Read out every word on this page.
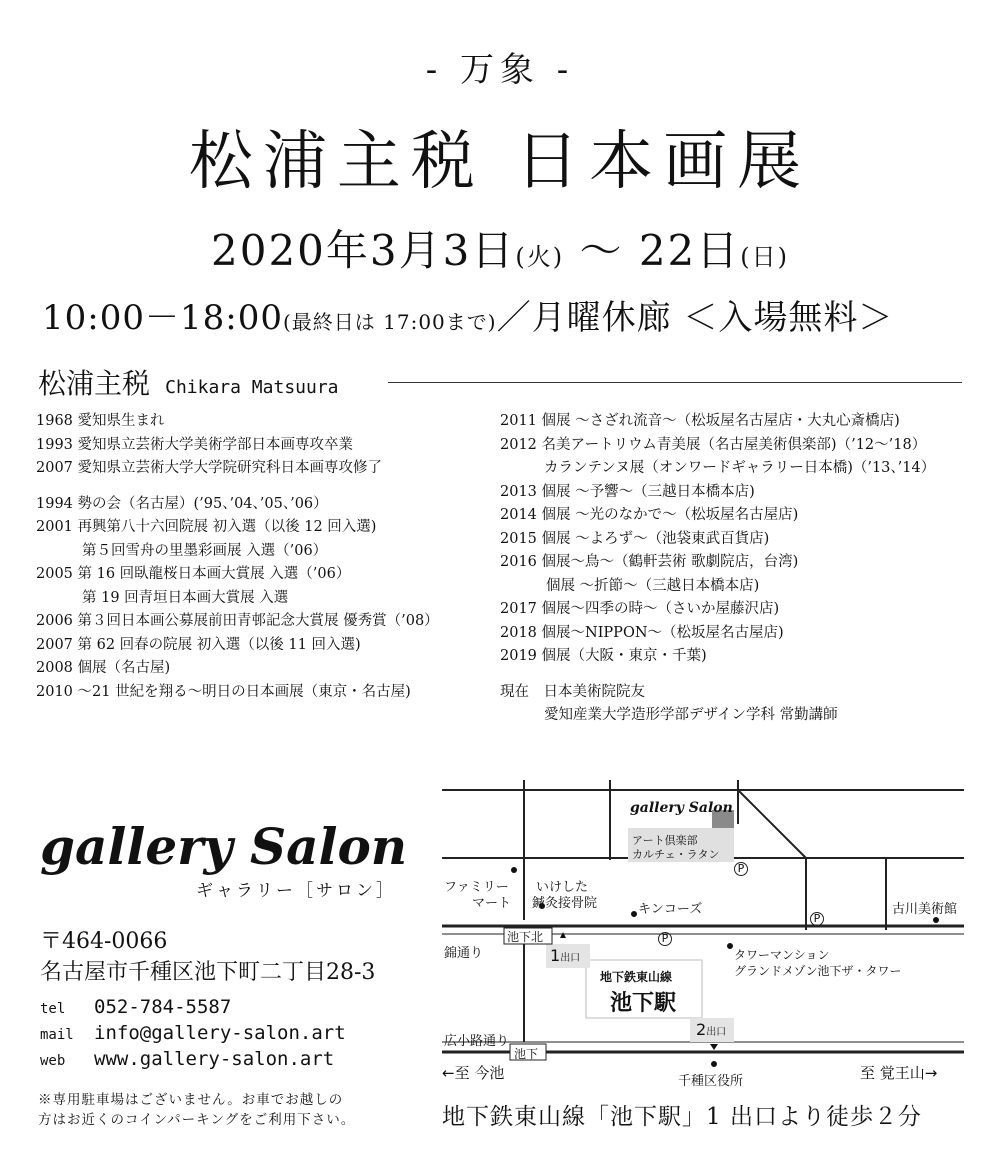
- 万象 -
松浦主税 日本画展
2020年3月3日(火) ～ 22日(日)
10:00－18:00(最終日は 17:00まで)／月曜休廊 ＜入場無料＞
松浦主税 Chikara Matsuura
1968 愛知県生まれ
1993 愛知県立芸術大学美術学部日本画専攻卒業
2007 愛知県立芸術大学大学院研究科日本画専攻修了
1994 勢の会（名古屋）(’95、’04、’05、’06）
2001 再興第八十六回院展 初入選（以後 12 回入選)
第５回雪舟の里墨彩画展 入選（’06）
2005 第 16 回臥龍桜日本画大賞展 入選（’06）
第 19 回青垣日本画大賞展 入選
2006 第３回日本画公募展前田青邨記念大賞展 優秀賞（’08）
2007 第 62 回春の院展 初入選（以後 11 回入選)
2008 個展（名古屋)
2010 ～21 世紀を翔る～明日の日本画展（東京・名古屋)
2011 個展 ～さざれ流音～（松坂屋名古屋店・大丸心斎橋店)
2012 名美アートリウム青美展（名古屋美術倶楽部)（’12～’18）
カランテンヌ展（オンワードギャラリー日本橋)（’13、’14）
2013 個展 ～予響～（三越日本橋本店)
2014 個展 ～光のなかで～（松坂屋名古屋店)
2015 個展 ～よろず～（池袋東武百貨店)
2016 個展～鳥～（鶴軒芸術 歌劇院店，台湾)
個展 ～折節～（三越日本橋本店)
2017 個展～四季の時～（さいか屋藤沢店)
2018 個展～NIPPON～（松坂屋名古屋店)
2019 個展（大阪・東京・千葉)
現在　日本美術院院友
愛知産業大学造形学部デザイン学科 常勤講師
gallery Salon
ギャラリー［サロン］
〒464-0066
名古屋市千種区池下町二丁目28-3
tel 052-784-5587
mail info@gallery-salon.art
web www.gallery-salon.art
※専用駐車場はございません。お車でお越しの
方はお近くのコインパーキングをご利用下さい。
P
P
P
gallery Salon
アート倶楽部
カルチェ・ラタン
ファミリー
マート
いけした
鍼灸接骨院	キンコーズ	古川美術館
錦通り
池下北
1出口	タワーマンション
グランドメゾン池下ザ・タワー
地下鉄東山線
池下駅
2出口
広小路通り
池下
←至 今池	千種区役所	至 覚王山→
地下鉄東山線「池下駅」1 出口より徒歩２分
